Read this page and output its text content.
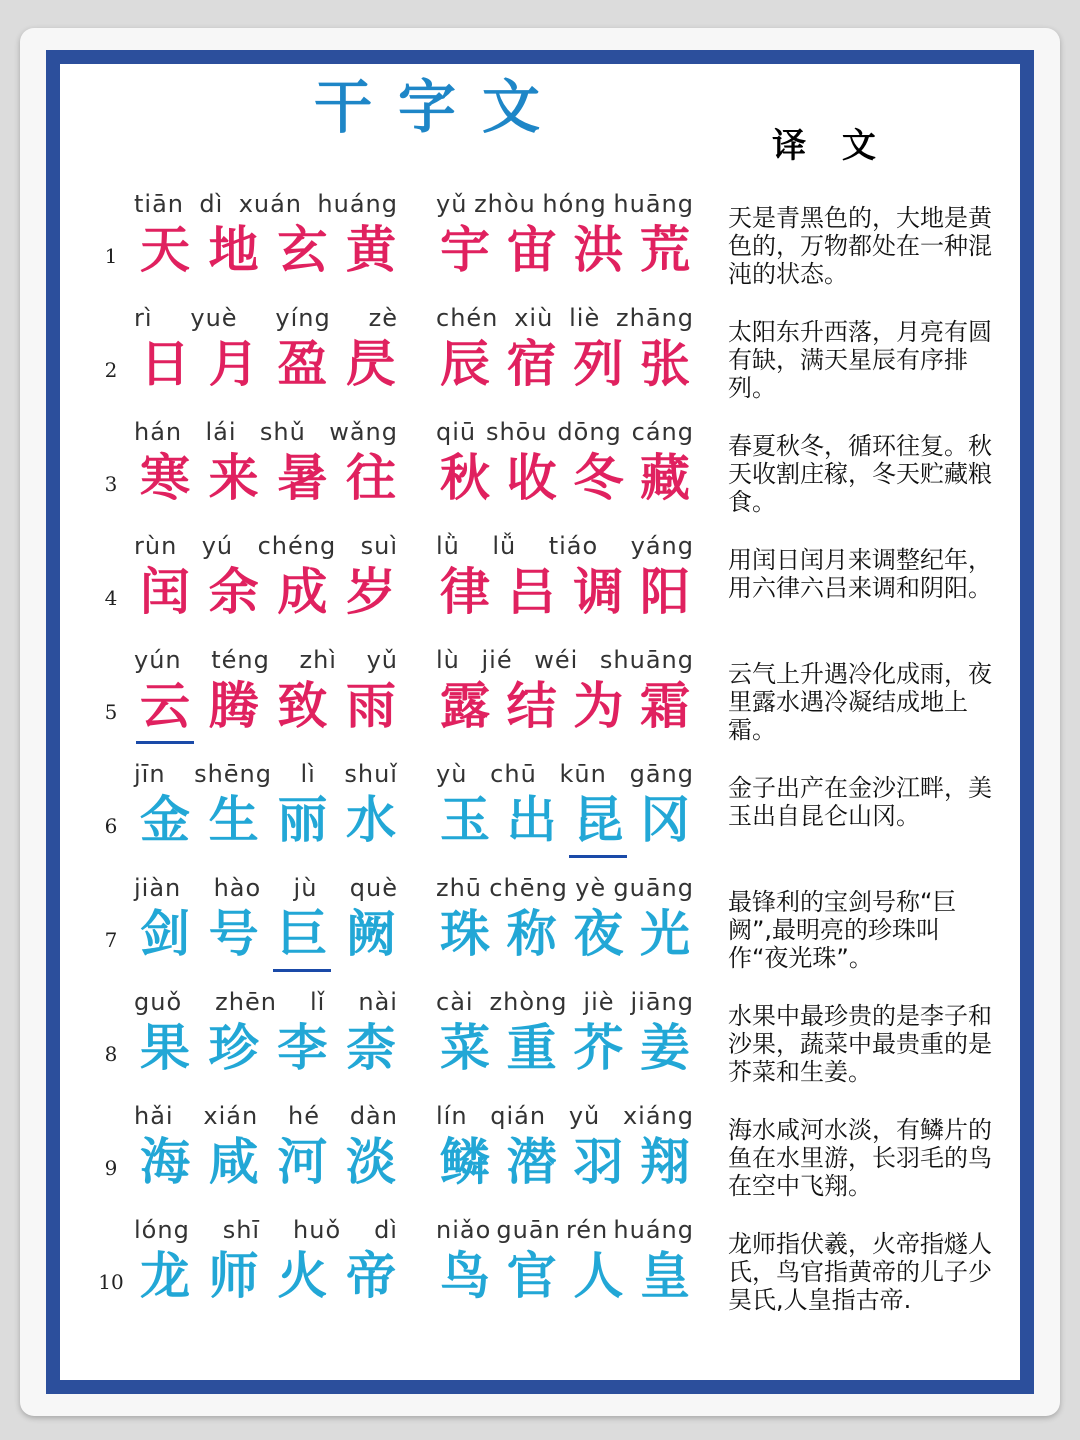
干字文
译 文
1
tiān dì xuán huáng
天 地 玄 黄
yǔ zhòu hóng huāng
宇 宙 洪 荒
天是青黑色的，大地是黄色的，万物都处在一种混沌的状态。
2
rì yuè yíng zè
日 月 盈 昃
chén xiù liè zhāng
辰 宿 列 张
太阳东升西落，月亮有圆有缺，满天星辰有序排列。
3
hán lái shǔ wǎng
寒 来 暑 往
qiū shōu dōng cáng
秋 收 冬 藏
春夏秋冬，循环往复。秋天收割庄稼，冬天贮藏粮食。
4
rùn yú chéng suì
闰 余 成 岁
lǜ lǚ tiáo yáng
律 吕 调 阳
用闰日闰月来调整纪年，用六律六吕来调和阴阳。
5
yún téng zhì yǔ
云 腾 致 雨
lù jié wéi shuāng
露 结 为 霜
云气上升遇冷化成雨，夜里露水遇冷凝结成地上霜。
6
jīn shēng lì shuǐ
金 生 丽 水
yù chū kūn gāng
玉 出 昆 冈
金子出产在金沙江畔，美玉出自昆仑山冈。
7
jiàn hào jù què
剑 号 巨 阙
zhū chēng yè guāng
珠 称 夜 光
最锋利的宝剑号称“巨阙”,最明亮的珍珠叫作“夜光珠”。
8
guǒ zhēn lǐ nài
果 珍 李 柰
cài zhòng jiè jiāng
菜 重 芥 姜
水果中最珍贵的是李子和沙果，蔬菜中最贵重的是芥菜和生姜。
9
hǎi xián hé dàn
海 咸 河 淡
lín qián yǔ xiáng
鳞 潜 羽 翔
海水咸河水淡，有鳞片的鱼在水里游，长羽毛的鸟在空中飞翔。
10
lóng shī huǒ dì
龙 师 火 帝
niǎo guān rén huáng
鸟 官 人 皇
龙师指伏羲，火帝指燧人氏，鸟官指黄帝的儿子少昊氏,人皇指古帝.
